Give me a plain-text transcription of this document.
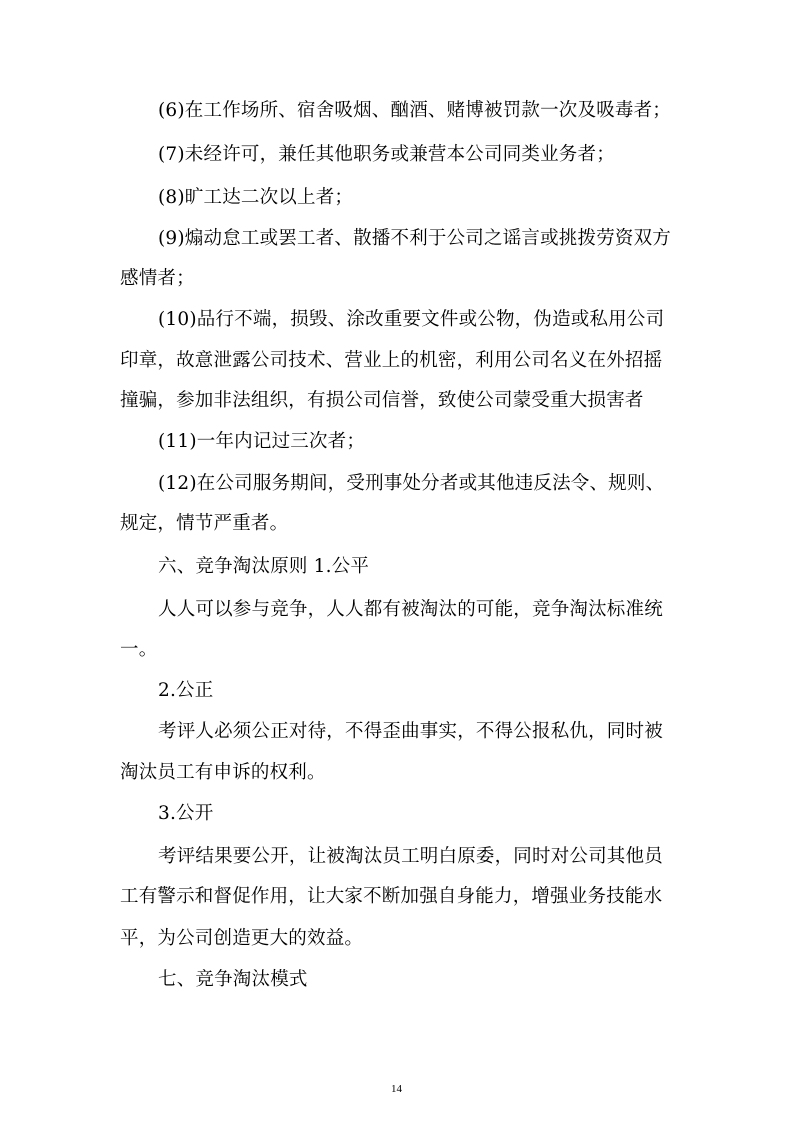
(6)在工作场所、宿舍吸烟、酗酒、赌博被罚款一次及吸毒者；
(7)未经许可，兼任其他职务或兼营本公司同类业务者；
(8)旷工达二次以上者；
(9)煽动怠工或罢工者、散播不利于公司之谣言或挑拨劳资双方
感情者；
(10)品行不端，损毁、涂改重要文件或公物，伪造或私用公司
印章，故意泄露公司技术、营业上的机密，利用公司名义在外招摇
撞骗，参加非法组织，有损公司信誉，致使公司蒙受重大损害者
(11)一年内记过三次者；
(12)在公司服务期间，受刑事处分者或其他违反法令、规则、
规定，情节严重者。
六、竞争淘汰原则 1.公平
人人可以参与竞争，人人都有被淘汰的可能，竞争淘汰标准统
一。
2.公正
考评人必须公正对待，不得歪曲事实，不得公报私仇，同时被
淘汰员工有申诉的权利。
3.公开
考评结果要公开，让被淘汰员工明白原委，同时对公司其他员
工有警示和督促作用，让大家不断加强自身能力，增强业务技能水
平，为公司创造更大的效益。
七、竞争淘汰模式
14
